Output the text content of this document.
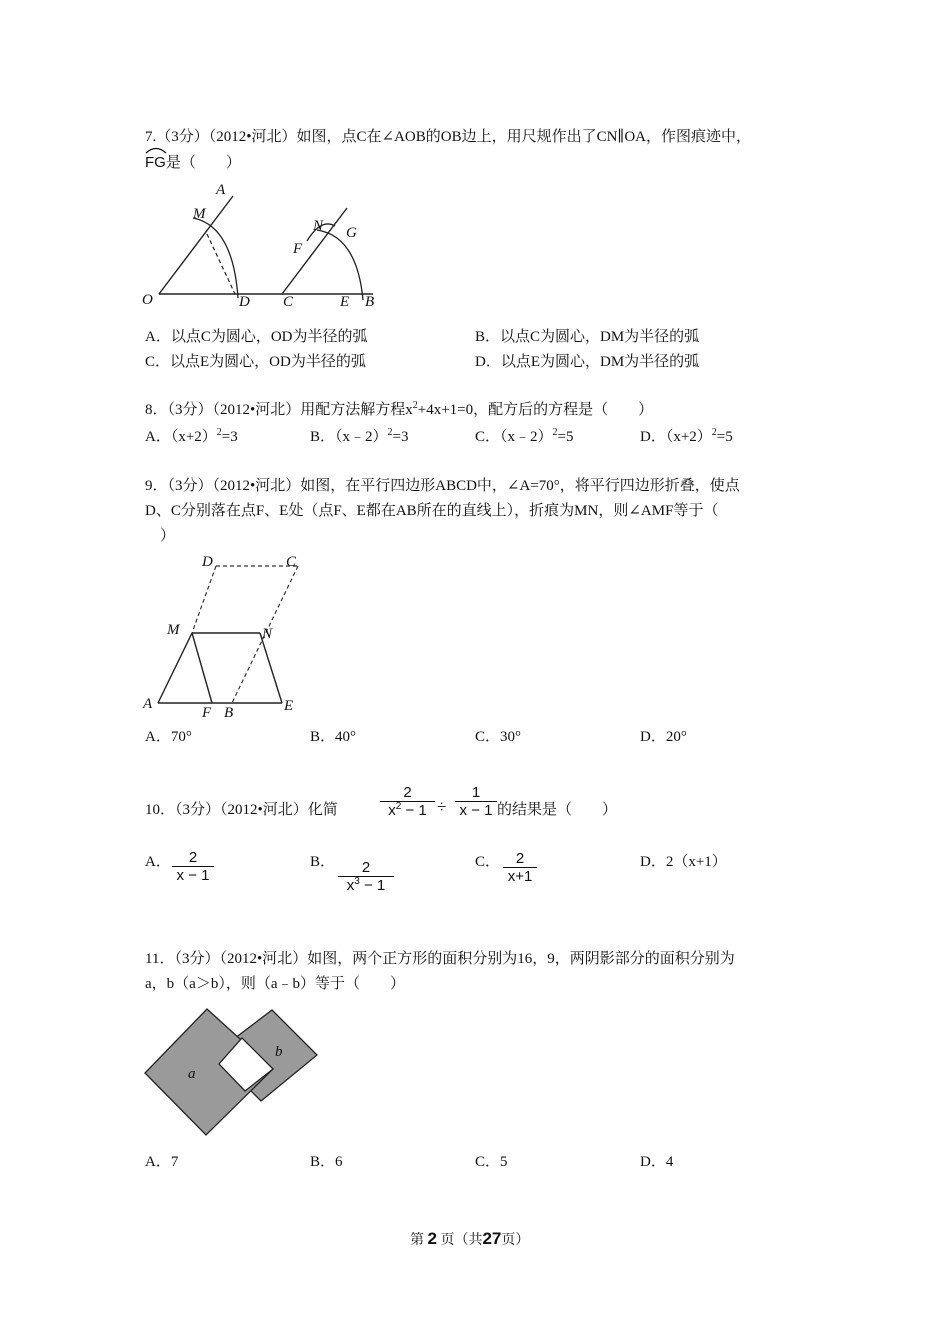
7.（3分）（2012•河北）如图，点C在∠AOB的OB边上，用尺规作出了CN∥OA，作图痕迹中，
FG是（　　）
A
M
O	D C
N
F
G
E B
A．以点C为圆心，OD为半径的弧	B．以点C为圆心，DM为半径的弧
C．以点E为圆心，OD为半径的弧	D．以点E为圆心，DM为半径的弧
8．（3分）（2012•河北）用配方法解方程$x^2+4x+1=0$，配方后的方程是（　　）
A．$(x+2)^2=3$	B．（x﹣2）$^2$=3	C．（x﹣2）$^2$=5	D．$(x+2)^2=5$
9．（3分）（2012•河北）如图，在平行四边形ABCD中，∠A=70°，将平行四边形折叠，使点
D、C分别落在点F、E处（点F、E都在AB所在的直线上），折痕为MN，则∠AMF等于（
）
D	C
M	N
A
F B	E
A．70°	B．40°	C．30°	D．20°
10．（3分）（2012•河北）化简	$\frac{2}{x^2 - 1} \div \frac{1}{x - 1}$ 的结果是（　　）
A． $\frac{2}{x - 1}$	B． $\frac{2}{x^3 - 1}$	C． $\frac{2}{x+1}$	D．2（x+1）
11．（3分）（2012•河北）如图，两个正方形的面积分别为16，9，两阴影部分的面积分别为
a，b（a＞b），则（a﹣b）等于（　　）
a
b
A．7	B．6	C．5	D．4
第 2 页（共27页）
